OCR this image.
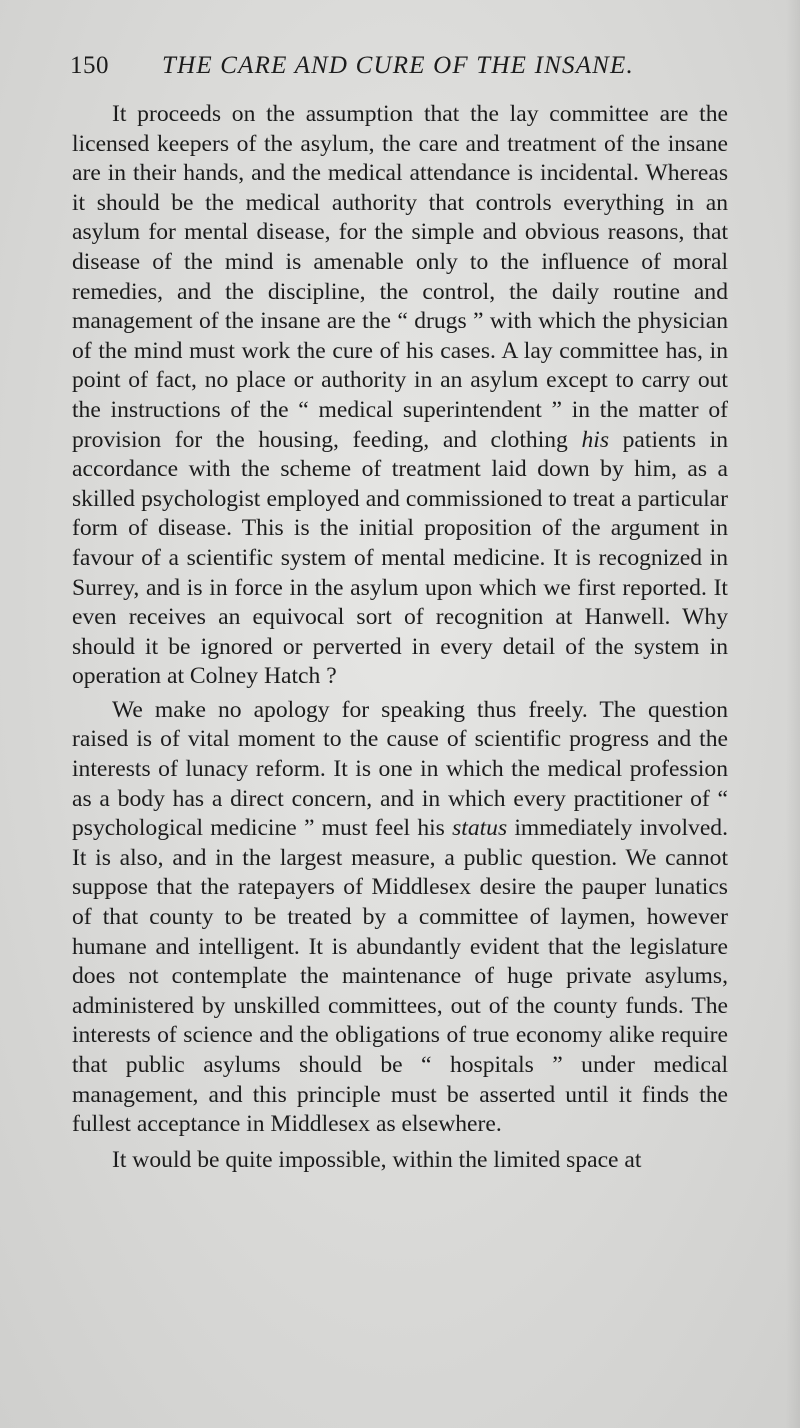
150 THE CARE AND CURE OF THE INSANE.

It proceeds on the assumption that the lay committee are the licensed keepers of the asylum, the care and treatment of the insane are in their hands, and the medical attendance is incidental. Whereas it should be the medical authority that controls everything in an asylum for mental disease, for the simple and obvious reasons, that disease of the mind is amenable only to the influence of moral remedies, and the discipline, the control, the daily routine and management of the insane are the “ drugs ” with which the physician of the mind must work the cure of his cases. A lay committee has, in point of fact, no place or authority in an asylum except to carry out the instructions of the “ medical superintendent ” in the matter of provision for the housing, feeding, and clothing his patients in accordance with the scheme of treatment laid down by him, as a skilled psychologist employed and commissioned to treat a particular form of disease. This is the initial proposition of the argument in favour of a scientific system of mental medicine. It is recognized in Surrey, and is in force in the asylum upon which we first reported. It even receives an equivocal sort of recognition at Hanwell. Why should it be ignored or perverted in every detail of the system in operation at Colney Hatch ?

We make no apology for speaking thus freely. The question raised is of vital moment to the cause of scientific progress and the interests of lunacy reform. It is one in which the medical profession as a body has a direct concern, and in which every practitioner of “ psychological medicine ” must feel his status immediately involved. It is also, and in the largest measure, a public question. We cannot suppose that the ratepayers of Middlesex desire the pauper lunatics of that county to be treated by a committee of laymen, however humane and intelligent. It is abundantly evident that the legislature does not contemplate the maintenance of huge private asylums, administered by unskilled committees, out of the county funds. The interests of science and the obligations of true economy alike require that public asylums should be “ hospitals ” under medical management, and this principle must be asserted until it finds the fullest acceptance in Middlesex as elsewhere.

It would be quite impossible, within the limited space at
